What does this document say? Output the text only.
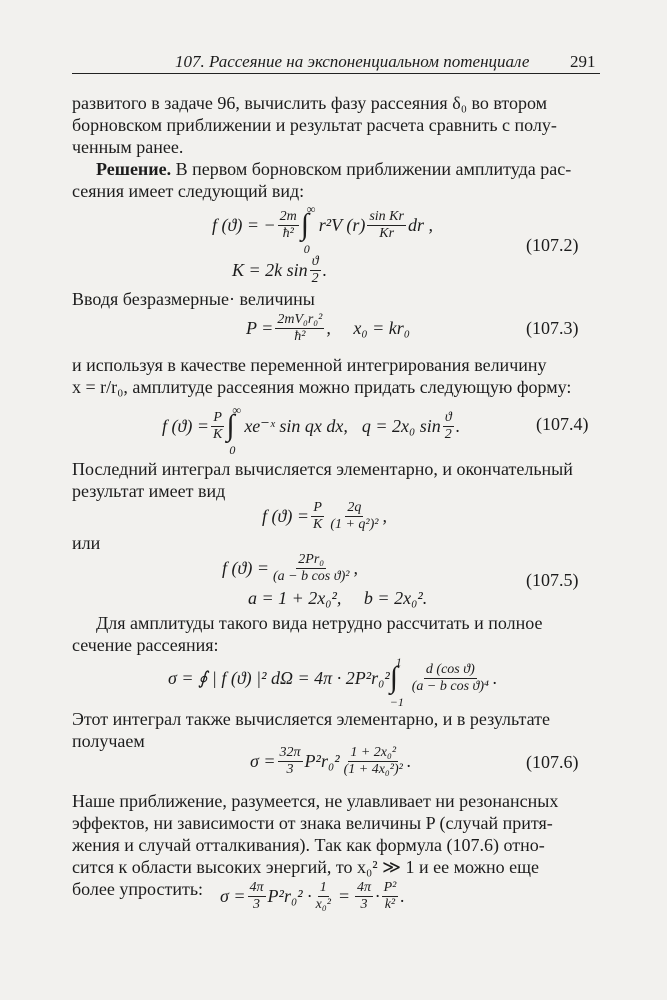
107. Рассеяние на экспоненциальном потенциале 291
развитого в задаче 96, вычислить фазу рассеяния δ₀ во втором
борновском приближении и результат расчета сравнить с полу-
ченным ранее.
Решение. В первом борновском приближении амплитуда рас-
сеяния имеет следующий вид:
f (ϑ) = − $\frac{2m}{\text{ħ²}}$ ∫
∞
0
r²V $(r) \frac{\text{sin Kr}}{Kr}$ dr ,
K = 2k $\sin \frac{ϑ}{2}$ .
(107.2)
Вводя безразмерные· величины
$P = \frac{\text{2mV₀r₀²}}{\text{ħ²}}$ ,     x₀ = kr₀	(107.3)
и используя в качестве переменной интегрирования величину
x = r/r₀, амплитуде рассеяния можно придать следующую форму:
f $(ϑ) = \frac{P}{K}$ ∫
∞
0
xe⁻ˣ sin qx dx, q = 2x₀ $\sin \frac{ϑ}{2}$ .	(107.4)
Последний интеграл вычисляется элементарно, и окончательный
результат имеет вид
f $(ϑ) = \frac{P}{K} \frac{2q}{\text{(1 + q²)²}}$ ,
или
f $(ϑ) = \frac{\text{2Pr₀}}{\text{(a − b cos ϑ)²}}$ ,
a = 1 + 2x₀²,     b = 2x₀².
(107.5)
Для амплитуды такого вида нетрудно рассчитать и полное
сечение рассеяния:
σ = ∮ | f (ϑ) |² dΩ = 4π · 2P²r₀² ∫
1
−1
$\frac{\text{d (cos ϑ)}}{\text{(a − b cos ϑ)⁴}}$ .
Этот интеграл также вычисляется элементарно, и в результате
получаем
$\sigma = \frac{32\pi}{3} P^2r_0^2 \frac{\text{1 + 2x₀²}}{\text{(1 + 4x₀²)²}}$ .	(107.6)
Наше приближение, разумеется, не улавливает ни резонансных
эффектов, ни зависимости от знака величины P (случай притя-
жения и случай отталкивания). Так как формула (107.6) отно-
сится к области высоких энергий, то x₀² ≫ 1 и ее можно еще
более упростить: $\sigma = \frac{4\pi}{3} P^2r_0^2 \cdot \frac{1}{\text{x₀²}} = \frac{4\pi}{3} \cdot \frac{\text{P²}}{\text{k²}}$ .
